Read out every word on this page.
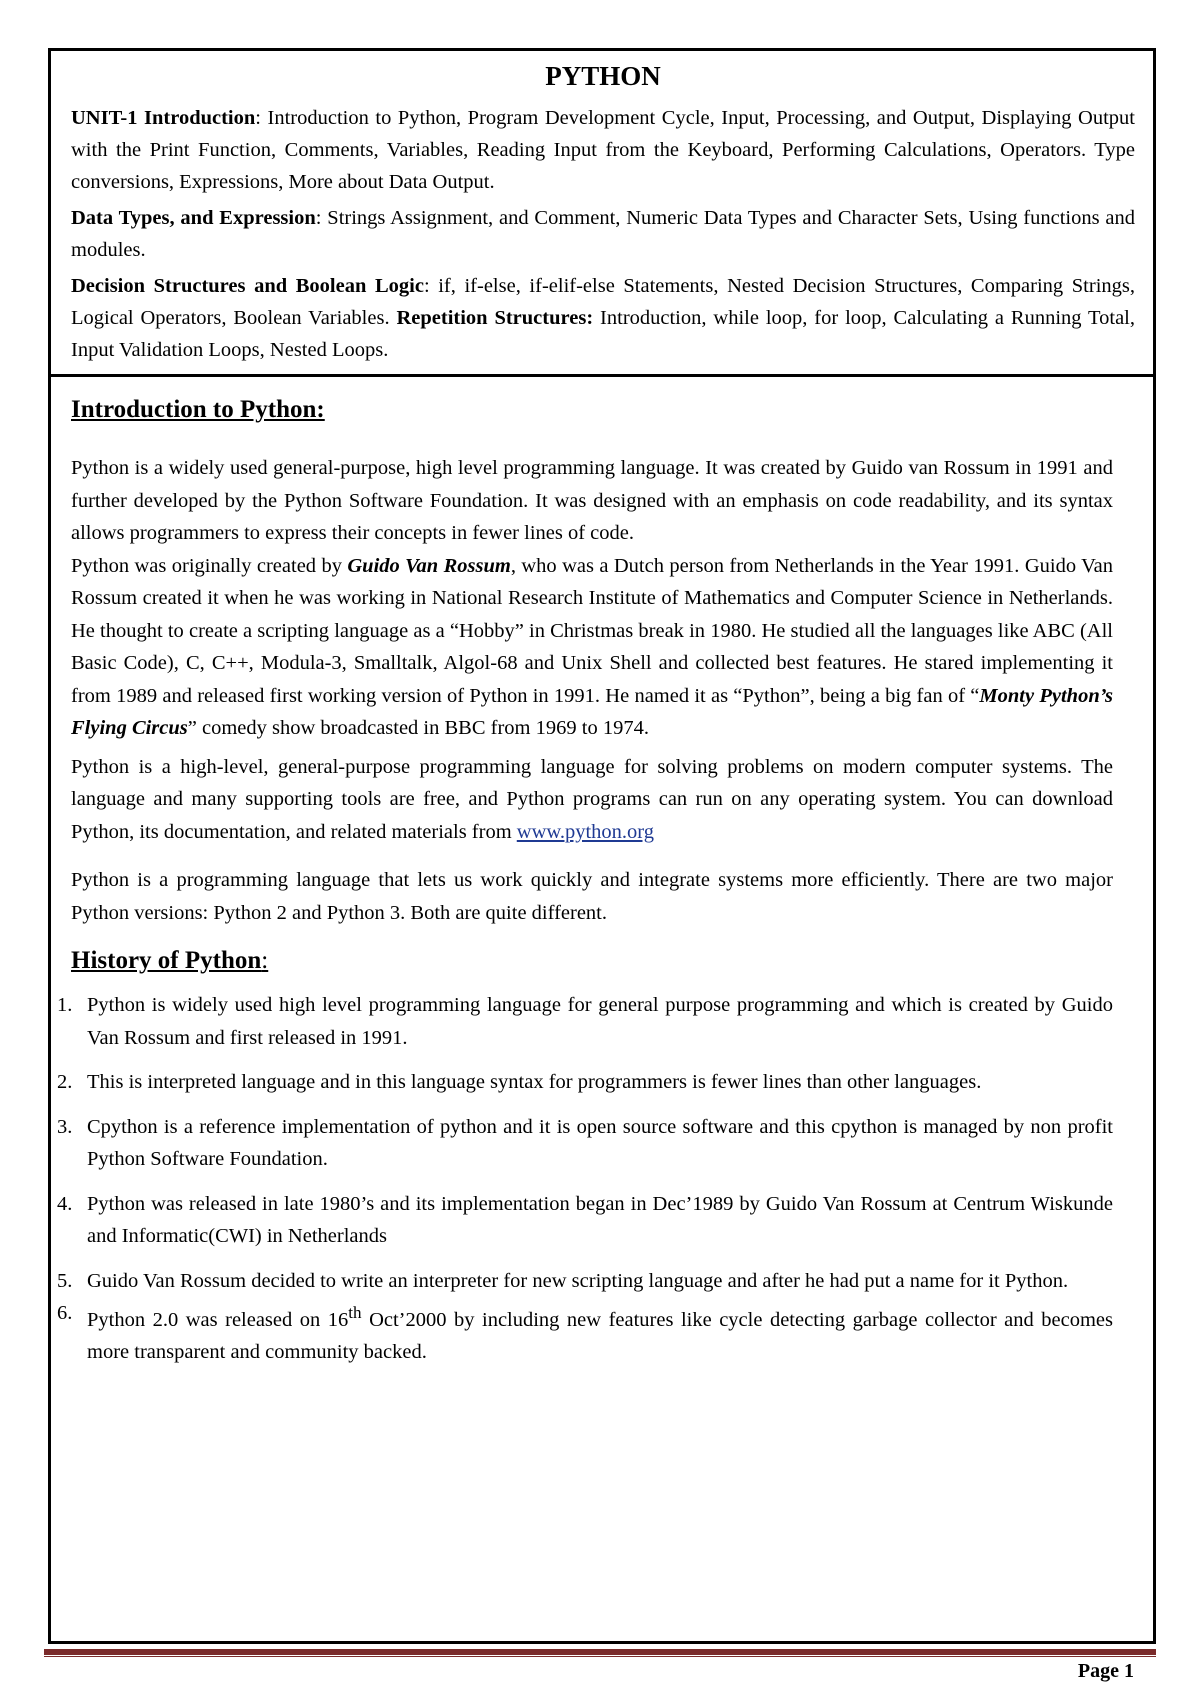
PYTHON

UNIT-1 Introduction: Introduction to Python, Program Development Cycle, Input, Processing, and Output, Displaying Output with the Print Function, Comments, Variables, Reading Input from the Keyboard, Performing Calculations, Operators. Type conversions, Expressions, More about Data Output.

Data Types, and Expression: Strings Assignment, and Comment, Numeric Data Types and Character Sets, Using functions and modules.

Decision Structures and Boolean Logic: if, if-else, if-elif-else Statements, Nested Decision Structures, Comparing Strings, Logical Operators, Boolean Variables. Repetition Structures: Introduction, while loop, for loop, Calculating a Running Total, Input Validation Loops, Nested Loops.

Introduction to Python:

Python is a widely used general-purpose, high level programming language. It was created by Guido van Rossum in 1991 and further developed by the Python Software Foundation. It was designed with an emphasis on code readability, and its syntax allows programmers to express their concepts in fewer lines of code.

Python was originally created by Guido Van Rossum, who was a Dutch person from Netherlands in the Year 1991. Guido Van Rossum created it when he was working in National Research Institute of Mathematics and Computer Science in Netherlands. He thought to create a scripting language as a “Hobby” in Christmas break in 1980. He studied all the languages like ABC (All Basic Code), C, C++, Modula-3, Smalltalk, Algol-68 and Unix Shell and collected best features. He stared implementing it from 1989 and released first working version of Python in 1991. He named it as “Python”, being a big fan of “Monty Python’s Flying Circus” comedy show broadcasted in BBC from 1969 to 1974.

Python is a high-level, general-purpose programming language for solving problems on modern computer systems. The language and many supporting tools are free, and Python programs can run on any operating system. You can download Python, its documentation, and related materials from www.python.org

Python is a programming language that lets us work quickly and integrate systems more efficiently. There are two major Python versions: Python 2 and Python 3. Both are quite different.

History of Python:
1. Python is widely used high level programming language for general purpose programming and which is created by Guido Van Rossum and first released in 1991.
2. This is interpreted language and in this language syntax for programmers is fewer lines than other languages.
3. Cpython is a reference implementation of python and it is open source software and this cpython is managed by non profit Python Software Foundation.
4. Python was released in late 1980’s and its implementation began in Dec’1989 by Guido Van Rossum at Centrum Wiskunde and Informatic(CWI) in Netherlands
5. Guido Van Rossum decided to write an interpreter for new scripting language and after he had put a name for it Python.
6. Python 2.0 was released on 16th Oct’2000 by including new features like cycle detecting garbage collector and becomes more transparent and community backed.
Page 1
